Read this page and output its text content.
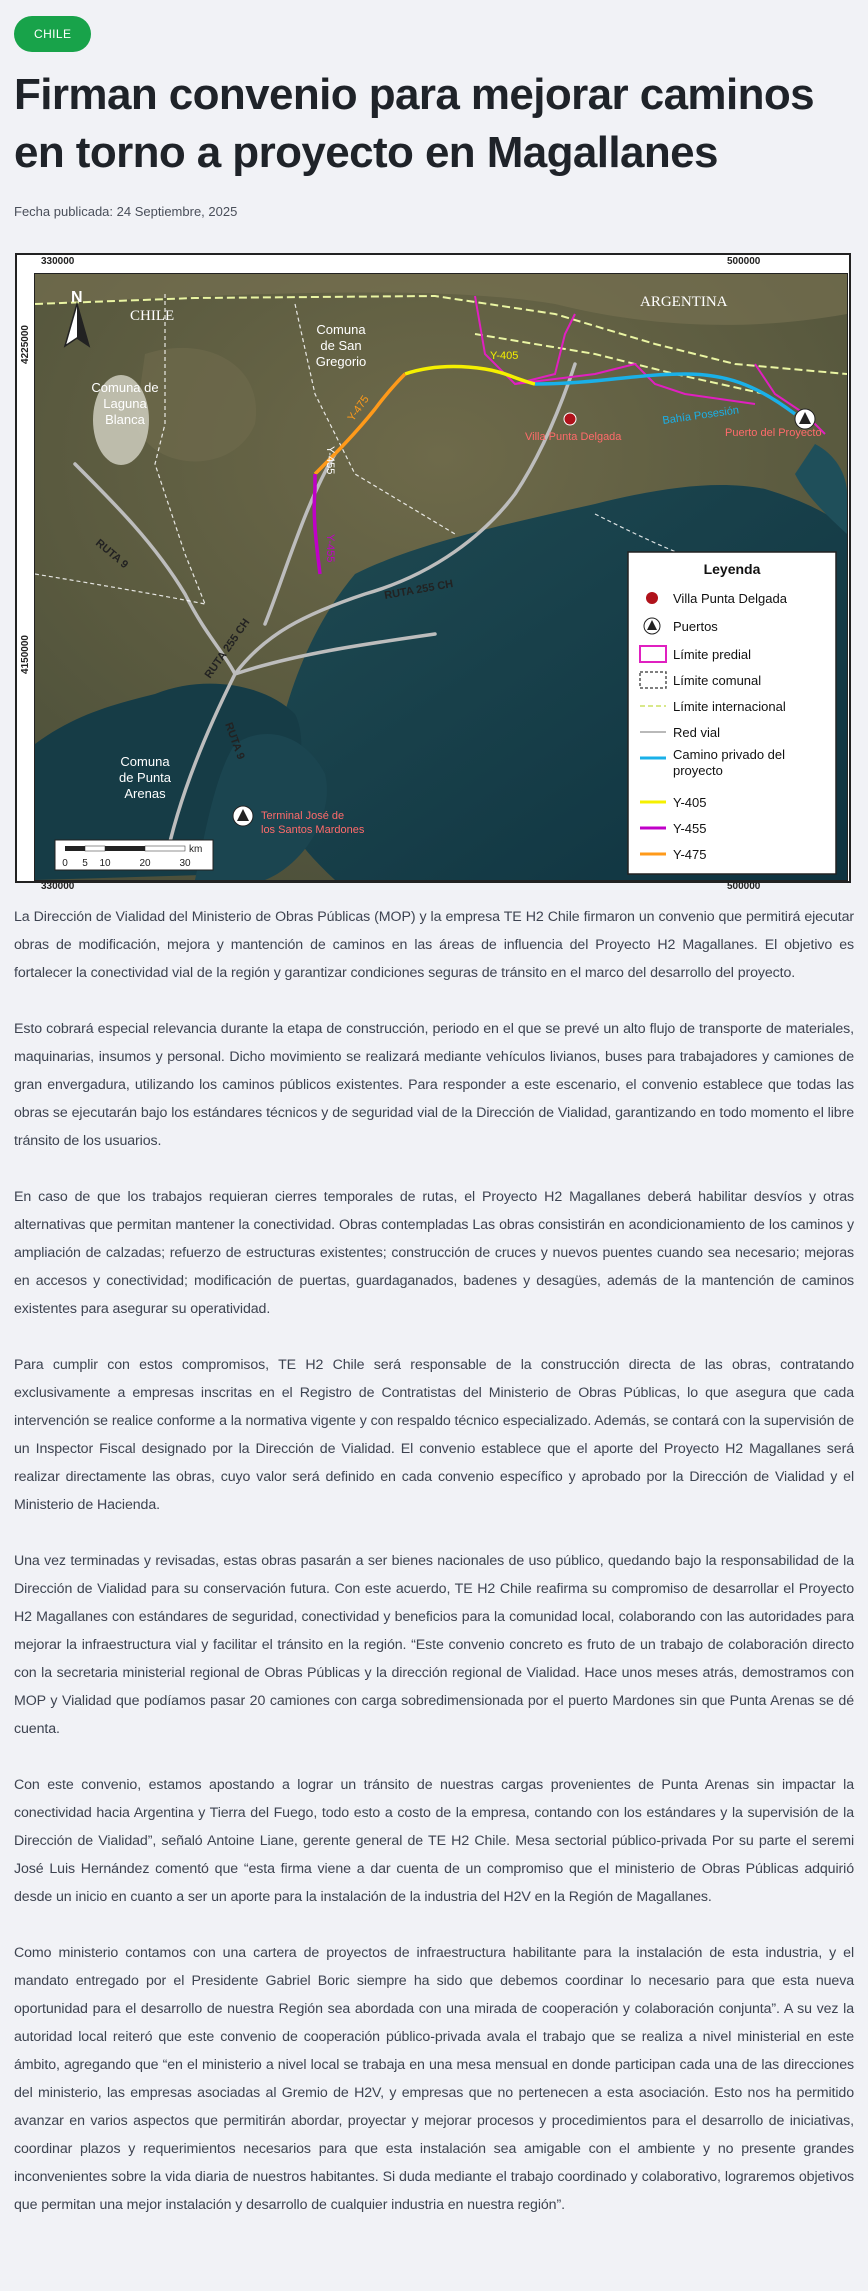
CHILE
Firman convenio para mejorar caminos en torno a proyecto en Magallanes
Fecha publicada: 24 Septiembre, 2025
330000	500000
330000	500000
4225000
4150000
N
CHILE
ARGENTINA
Comuna
de San
Gregorio
Comuna de
Laguna
Blanca
Comuna
de Punta
Arenas
Villa Punta Delgada	Puerto del Proyecto
Terminal José de
los Santos Mardones
Bahía Posesión
RUTA 255 CH
RUTA 255 CH
RUTA 9
RUTA 9
Y-405
Y-475
Y-455
Y-455
0 5 10	20	30
km
Leyenda
Villa Punta Delgada
Puertos
Límite predial
Límite comunal
Límite internacional
Red vial
Camino privado del proyecto
Camino privado del proyecto
Y-405
Y-455
Y-475

La Dirección de Vialidad del Ministerio de Obras Públicas (MOP) y la empresa TE H2 Chile firmaron un convenio que permitirá ejecutar obras de modificación, mejora y mantención de caminos en las áreas de influencia del Proyecto H2 Magallanes. El objetivo es fortalecer la conectividad vial de la región y garantizar condiciones seguras de tránsito en el marco del desarrollo del proyecto.

Esto cobrará especial relevancia durante la etapa de construcción, periodo en el que se prevé un alto flujo de transporte de materiales, maquinarias, insumos y personal. Dicho movimiento se realizará mediante vehículos livianos, buses para trabajadores y camiones de gran envergadura, utilizando los caminos públicos existentes. Para responder a este escenario, el convenio establece que todas las obras se ejecutarán bajo los estándares técnicos y de seguridad vial de la Dirección de Vialidad, garantizando en todo momento el libre tránsito de los usuarios.

En caso de que los trabajos requieran cierres temporales de rutas, el Proyecto H2 Magallanes deberá habilitar desvíos y otras alternativas que permitan mantener la conectividad. Obras contempladas Las obras consistirán en acondicionamiento de los caminos y ampliación de calzadas; refuerzo de estructuras existentes; construcción de cruces y nuevos puentes cuando sea necesario; mejoras en accesos y conectividad; modificación de puertas, guardaganados, badenes y desagües, además de la mantención de caminos existentes para asegurar su operatividad.

Para cumplir con estos compromisos, TE H2 Chile será responsable de la construcción directa de las obras, contratando exclusivamente a empresas inscritas en el Registro de Contratistas del Ministerio de Obras Públicas, lo que asegura que cada intervención se realice conforme a la normativa vigente y con respaldo técnico especializado. Además, se contará con la supervisión de un Inspector Fiscal designado por la Dirección de Vialidad. El convenio establece que el aporte del Proyecto H2 Magallanes será realizar directamente las obras, cuyo valor será definido en cada convenio específico y aprobado por la Dirección de Vialidad y el Ministerio de Hacienda.

Una vez terminadas y revisadas, estas obras pasarán a ser bienes nacionales de uso público, quedando bajo la responsabilidad de la Dirección de Vialidad para su conservación futura. Con este acuerdo, TE H2 Chile reafirma su compromiso de desarrollar el Proyecto H2 Magallanes con estándares de seguridad, conectividad y beneficios para la comunidad local, colaborando con las autoridades para mejorar la infraestructura vial y facilitar el tránsito en la región. “Este convenio concreto es fruto de un trabajo de colaboración directo con la secretaria ministerial regional de Obras Públicas y la dirección regional de Vialidad. Hace unos meses atrás, demostramos con MOP y Vialidad que podíamos pasar 20 camiones con carga sobredimensionada por el puerto Mardones sin que Punta Arenas se dé cuenta.

Con este convenio, estamos apostando a lograr un tránsito de nuestras cargas provenientes de Punta Arenas sin impactar la conectividad hacia Argentina y Tierra del Fuego, todo esto a costo de la empresa, contando con los estándares y la supervisión de la Dirección de Vialidad”, señaló Antoine Liane, gerente general de TE H2 Chile. Mesa sectorial público-privada Por su parte el seremi José Luis Hernández comentó que “esta firma viene a dar cuenta de un compromiso que el ministerio de Obras Públicas adquirió desde un inicio en cuanto a ser un aporte para la instalación de la industria del H2V en la Región de Magallanes.

Como ministerio contamos con una cartera de proyectos de infraestructura habilitante para la instalación de esta industria, y el mandato entregado por el Presidente Gabriel Boric siempre ha sido que debemos coordinar lo necesario para que esta nueva oportunidad para el desarrollo de nuestra Región sea abordada con una mirada de cooperación y colaboración conjunta”. A su vez la autoridad local reiteró que este convenio de cooperación público-privada avala el trabajo que se realiza a nivel ministerial en este ámbito, agregando que “en el ministerio a nivel local se trabaja en una mesa mensual en donde participan cada una de las direcciones del ministerio, las empresas asociadas al Gremio de H2V, y empresas que no pertenecen a esta asociación. Esto nos ha permitido avanzar en varios aspectos que permitirán abordar, proyectar y mejorar procesos y procedimientos para el desarrollo de iniciativas, coordinar plazos y requerimientos necesarios para que esta instalación sea amigable con el ambiente y no presente grandes inconvenientes sobre la vida diaria de nuestros habitantes. Si duda mediante el trabajo coordinado y colaborativo, lograremos objetivos que permitan una mejor instalación y desarrollo de cualquier industria en nuestra región”.
